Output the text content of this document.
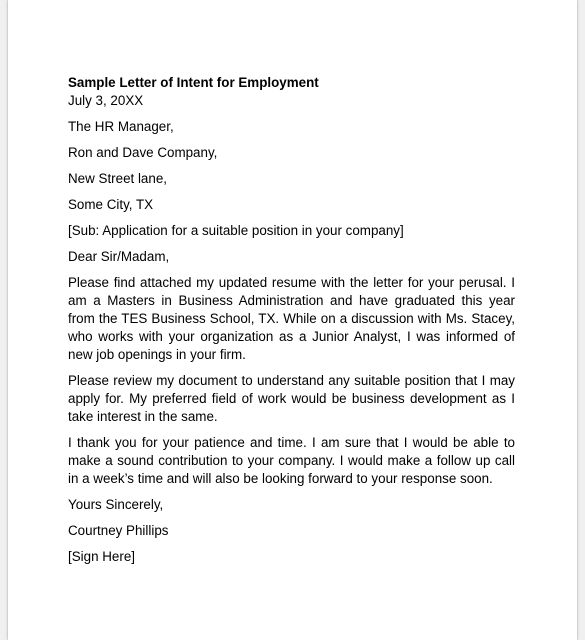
Sample Letter of Intent for Employment

July 3, 20XX

The HR Manager,

Ron and Dave Company,

New Street lane,

Some City, TX

[Sub: Application for a suitable position in your company]

Dear Sir/Madam,

Please find attached my updated resume with the letter for your perusal. I am a Masters in Business Administration and have graduated this year from the TES Business School, TX. While on a discussion with Ms. Stacey, who works with your organization as a Junior Analyst, I was informed of new job openings in your firm.

Please review my document to understand any suitable position that I may apply for. My preferred field of work would be business development as I take interest in the same.

I thank you for your patience and time. I am sure that I would be able to make a sound contribution to your company. I would make a follow up call in a week’s time and will also be looking forward to your response soon.

Yours Sincerely,

Courtney Phillips

[Sign Here]
